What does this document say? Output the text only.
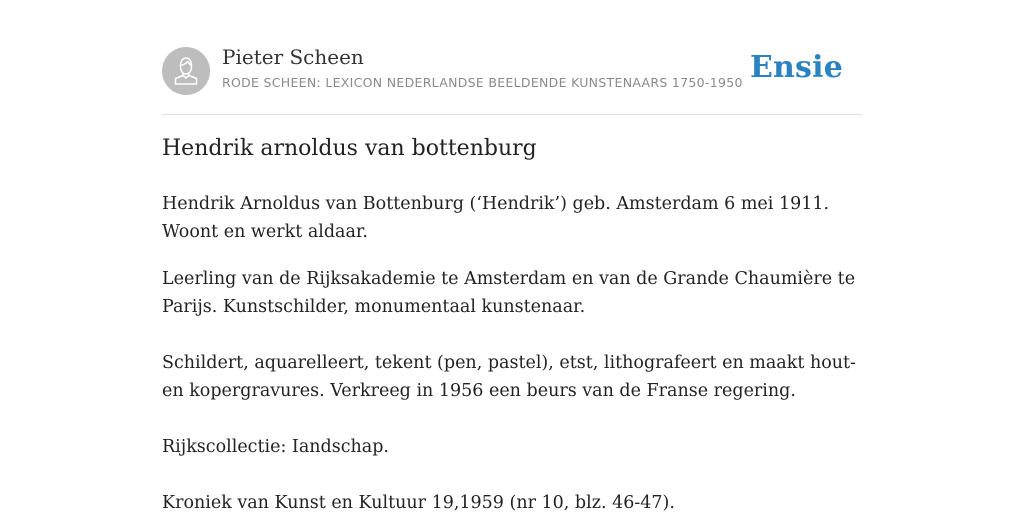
Pieter Scheen
RODE SCHEEN: LEXICON NEDERLANDSE BEELDENDE KUNSTENAARS 1750-1950 Ensie
Hendrik arnoldus van bottenburg

Hendrik Arnoldus van Bottenburg (‘Hendrik’) geb. Amsterdam 6 mei 1911. Woont en werkt aldaar.

Leerling van de Rijksakademie te Amsterdam en van de Grande Chaumière te Parijs. Kunstschilder, monumentaal kunstenaar.

Schildert, aquarelleert, tekent (pen, pastel), etst, lithografeert en maakt hout- en kopergravures. Verkreeg in 1956 een beurs van de Franse regering.

Rijkscollectie: Iandschap.

Kroniek van Kunst en Kultuur 19,1959 (nr 10, blz. 46-47).
